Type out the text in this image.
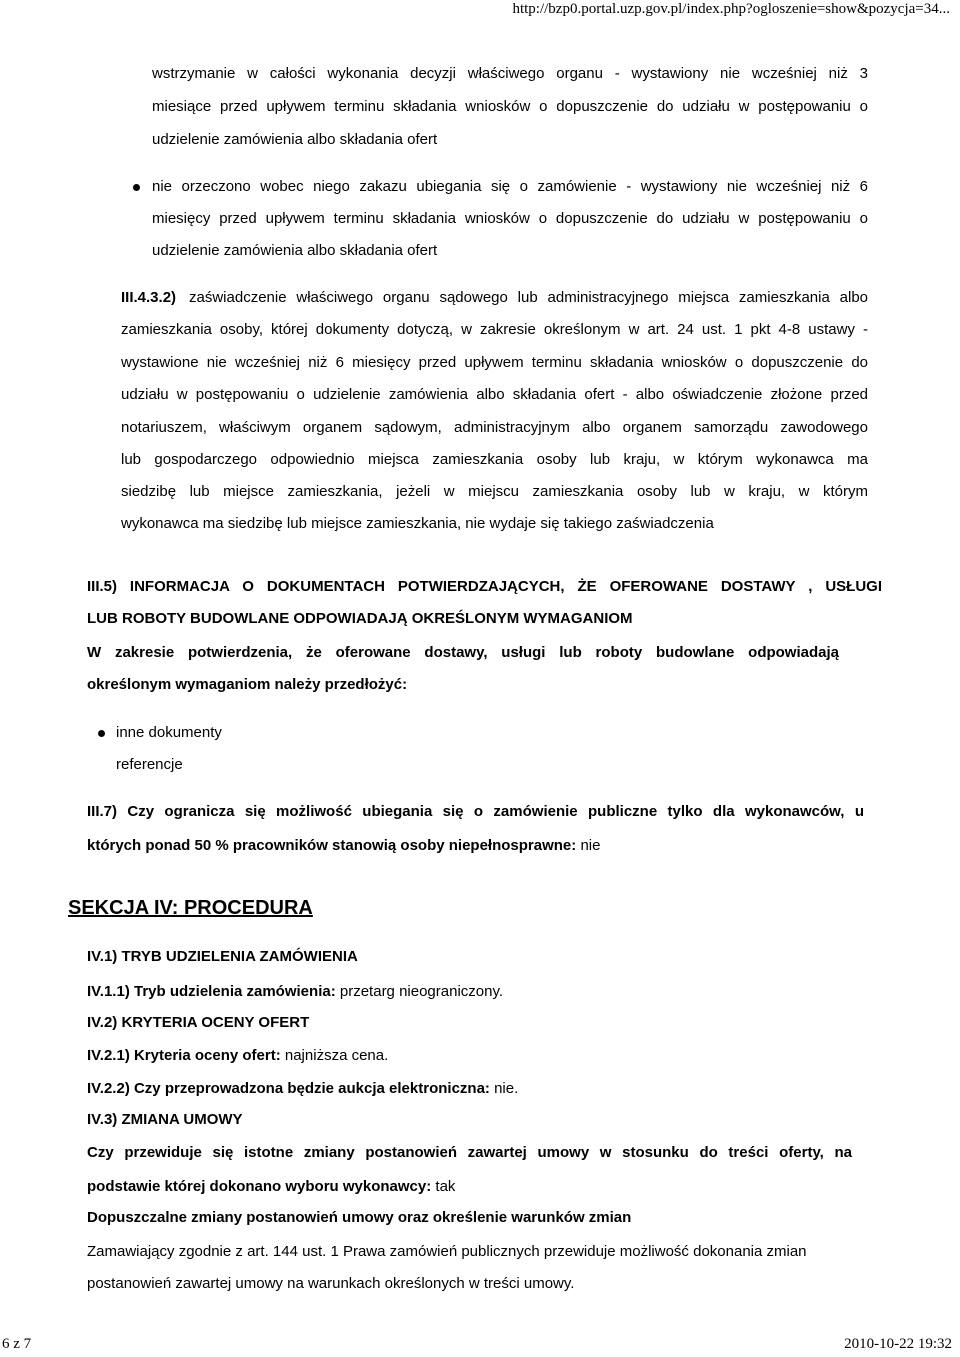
http://bzp0.portal.uzp.gov.pl/index.php?ogloszenie=show&pozycja=34...
wstrzymanie w całości wykonania decyzji właściwego organu - wystawiony nie wcześniej niż 3
miesiące przed upływem terminu składania wniosków o dopuszczenie do udziału w postępowaniu o
udzielenie zamówienia albo składania ofert
nie orzeczono wobec niego zakazu ubiegania się o zamówienie - wystawiony nie wcześniej niż 6
miesięcy przed upływem terminu składania wniosków o dopuszczenie do udziału w postępowaniu o
udzielenie zamówienia albo składania ofert
III.4.3.2) zaświadczenie właściwego organu sądowego lub administracyjnego miejsca zamieszkania albo
zamieszkania osoby, której dokumenty dotyczą, w zakresie określonym w art. 24 ust. 1 pkt 4-8 ustawy -
wystawione nie wcześniej niż 6 miesięcy przed upływem terminu składania wniosków o dopuszczenie do
udziału w postępowaniu o udzielenie zamówienia albo składania ofert - albo oświadczenie złożone przed
notariuszem, właściwym organem sądowym, administracyjnym albo organem samorządu zawodowego
lub gospodarczego odpowiednio miejsca zamieszkania osoby lub kraju, w którym wykonawca ma
siedzibę lub miejsce zamieszkania, jeżeli w miejscu zamieszkania osoby lub w kraju, w którym
wykonawca ma siedzibę lub miejsce zamieszkania, nie wydaje się takiego zaświadczenia
III.5) INFORMACJA O DOKUMENTACH POTWIERDZAJĄCYCH, ŻE OFEROWANE DOSTAWY , USŁUGI
LUB ROBOTY BUDOWLANE ODPOWIADAJĄ OKREŚLONYM WYMAGANIOM
W zakresie potwierdzenia, że oferowane dostawy, usługi lub roboty budowlane odpowiadają
określonym wymaganiom należy przedłożyć:
inne dokumenty
referencje
III.7) Czy ogranicza się możliwość ubiegania się o zamówienie publiczne tylko dla wykonawców, u
których ponad 50 % pracowników stanowią osoby niepełnosprawne: nie
SEKCJA IV: PROCEDURA
IV.1) TRYB UDZIELENIA ZAMÓWIENIA
IV.1.1) Tryb udzielenia zamówienia: przetarg nieograniczony.
IV.2) KRYTERIA OCENY OFERT
IV.2.1) Kryteria oceny ofert: najniższa cena.
IV.2.2) Czy przeprowadzona będzie aukcja elektroniczna: nie.
IV.3) ZMIANA UMOWY
Czy przewiduje się istotne zmiany postanowień zawartej umowy w stosunku do treści oferty, na
podstawie której dokonano wyboru wykonawcy: tak
Dopuszczalne zmiany postanowień umowy oraz określenie warunków zmian
Zamawiający zgodnie z art. 144 ust. 1 Prawa zamówień publicznych przewiduje możliwość dokonania zmian
postanowień zawartej umowy na warunkach określonych w treści umowy.
6 z 7	2010-10-22 19:32
